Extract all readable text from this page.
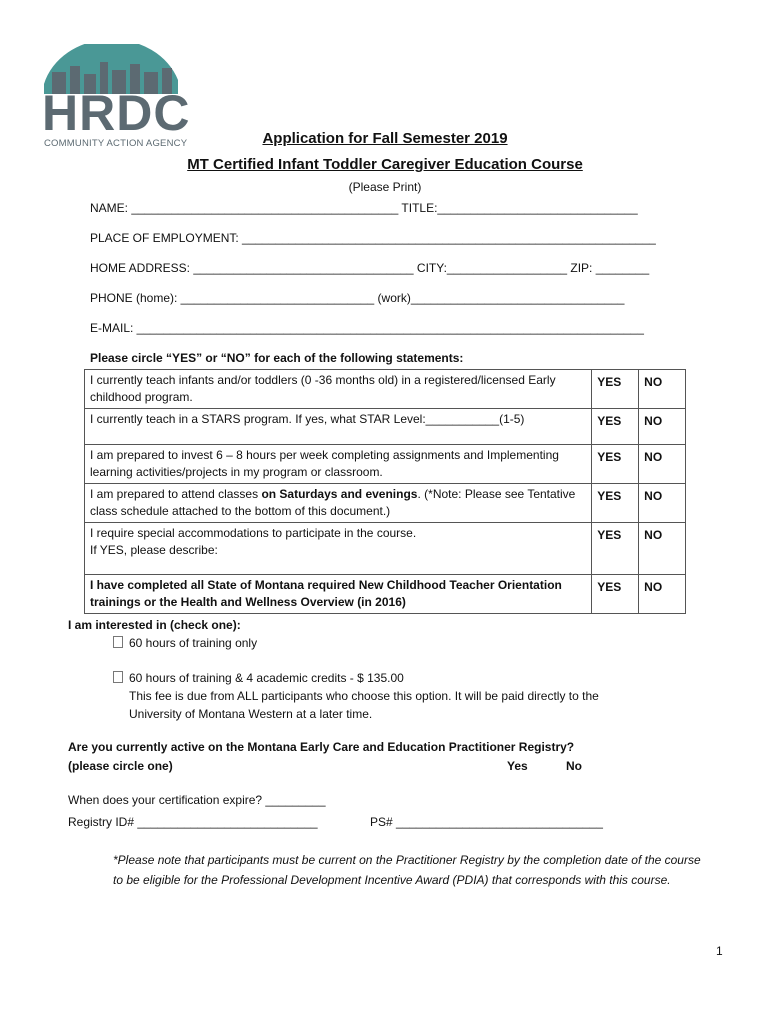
HRDC
COMMUNITY ACTION AGENCY	Application for Fall Semester 2019
MT Certified Infant Toddler Caregiver Education Course
(Please Print)
NAME: ________________________________________ TITLE:______________________________
PLACE OF EMPLOYMENT: ______________________________________________________________
HOME ADDRESS: _________________________________ CITY:__________________ ZIP: ________
PHONE (home): _____________________________ (work)________________________________
E-MAIL: ____________________________________________________________________________
Please circle “YES” or “NO” for each of the following statements:
I currently teach infants and/or toddlers (0 -36 months old) in a registered/licensed Early childhood program.	YES	NO
I currently teach in a STARS program. If yes, what STAR Level:___________(1-5)	YES	NO
I am prepared to invest 6 – 8 hours per week completing assignments and Implementing learning activities/projects in my program or classroom.	YES	NO
I am prepared to attend classes on Saturdays and evenings. (*Note: Please see Tentative class schedule attached to the bottom of this document.)	YES	NO

I require special accommodations to participate in the course.
If YES, please describe:	YES	NO
I have completed all State of Montana required New Childhood Teacher Orientation trainings or the Health and Wellness Overview (in 2016)	YES	NO
I am interested in (check one):
60 hours of training only
60 hours of training & 4 academic credits - $ 135.00
This fee is due from ALL participants who choose this option. It will be paid directly to the
University of Montana Western at a later time.
Are you currently active on the Montana Early Care and Education Practitioner Registry?
(please circle one)	Yes	No
When does your certification expire? _________
Registry ID# ___________________________	PS# _______________________________
*Please note that participants must be current on the Practitioner Registry by the completion date of the course to be eligible for the Professional Development Incentive Award (PDIA) that corresponds with this course.
1
